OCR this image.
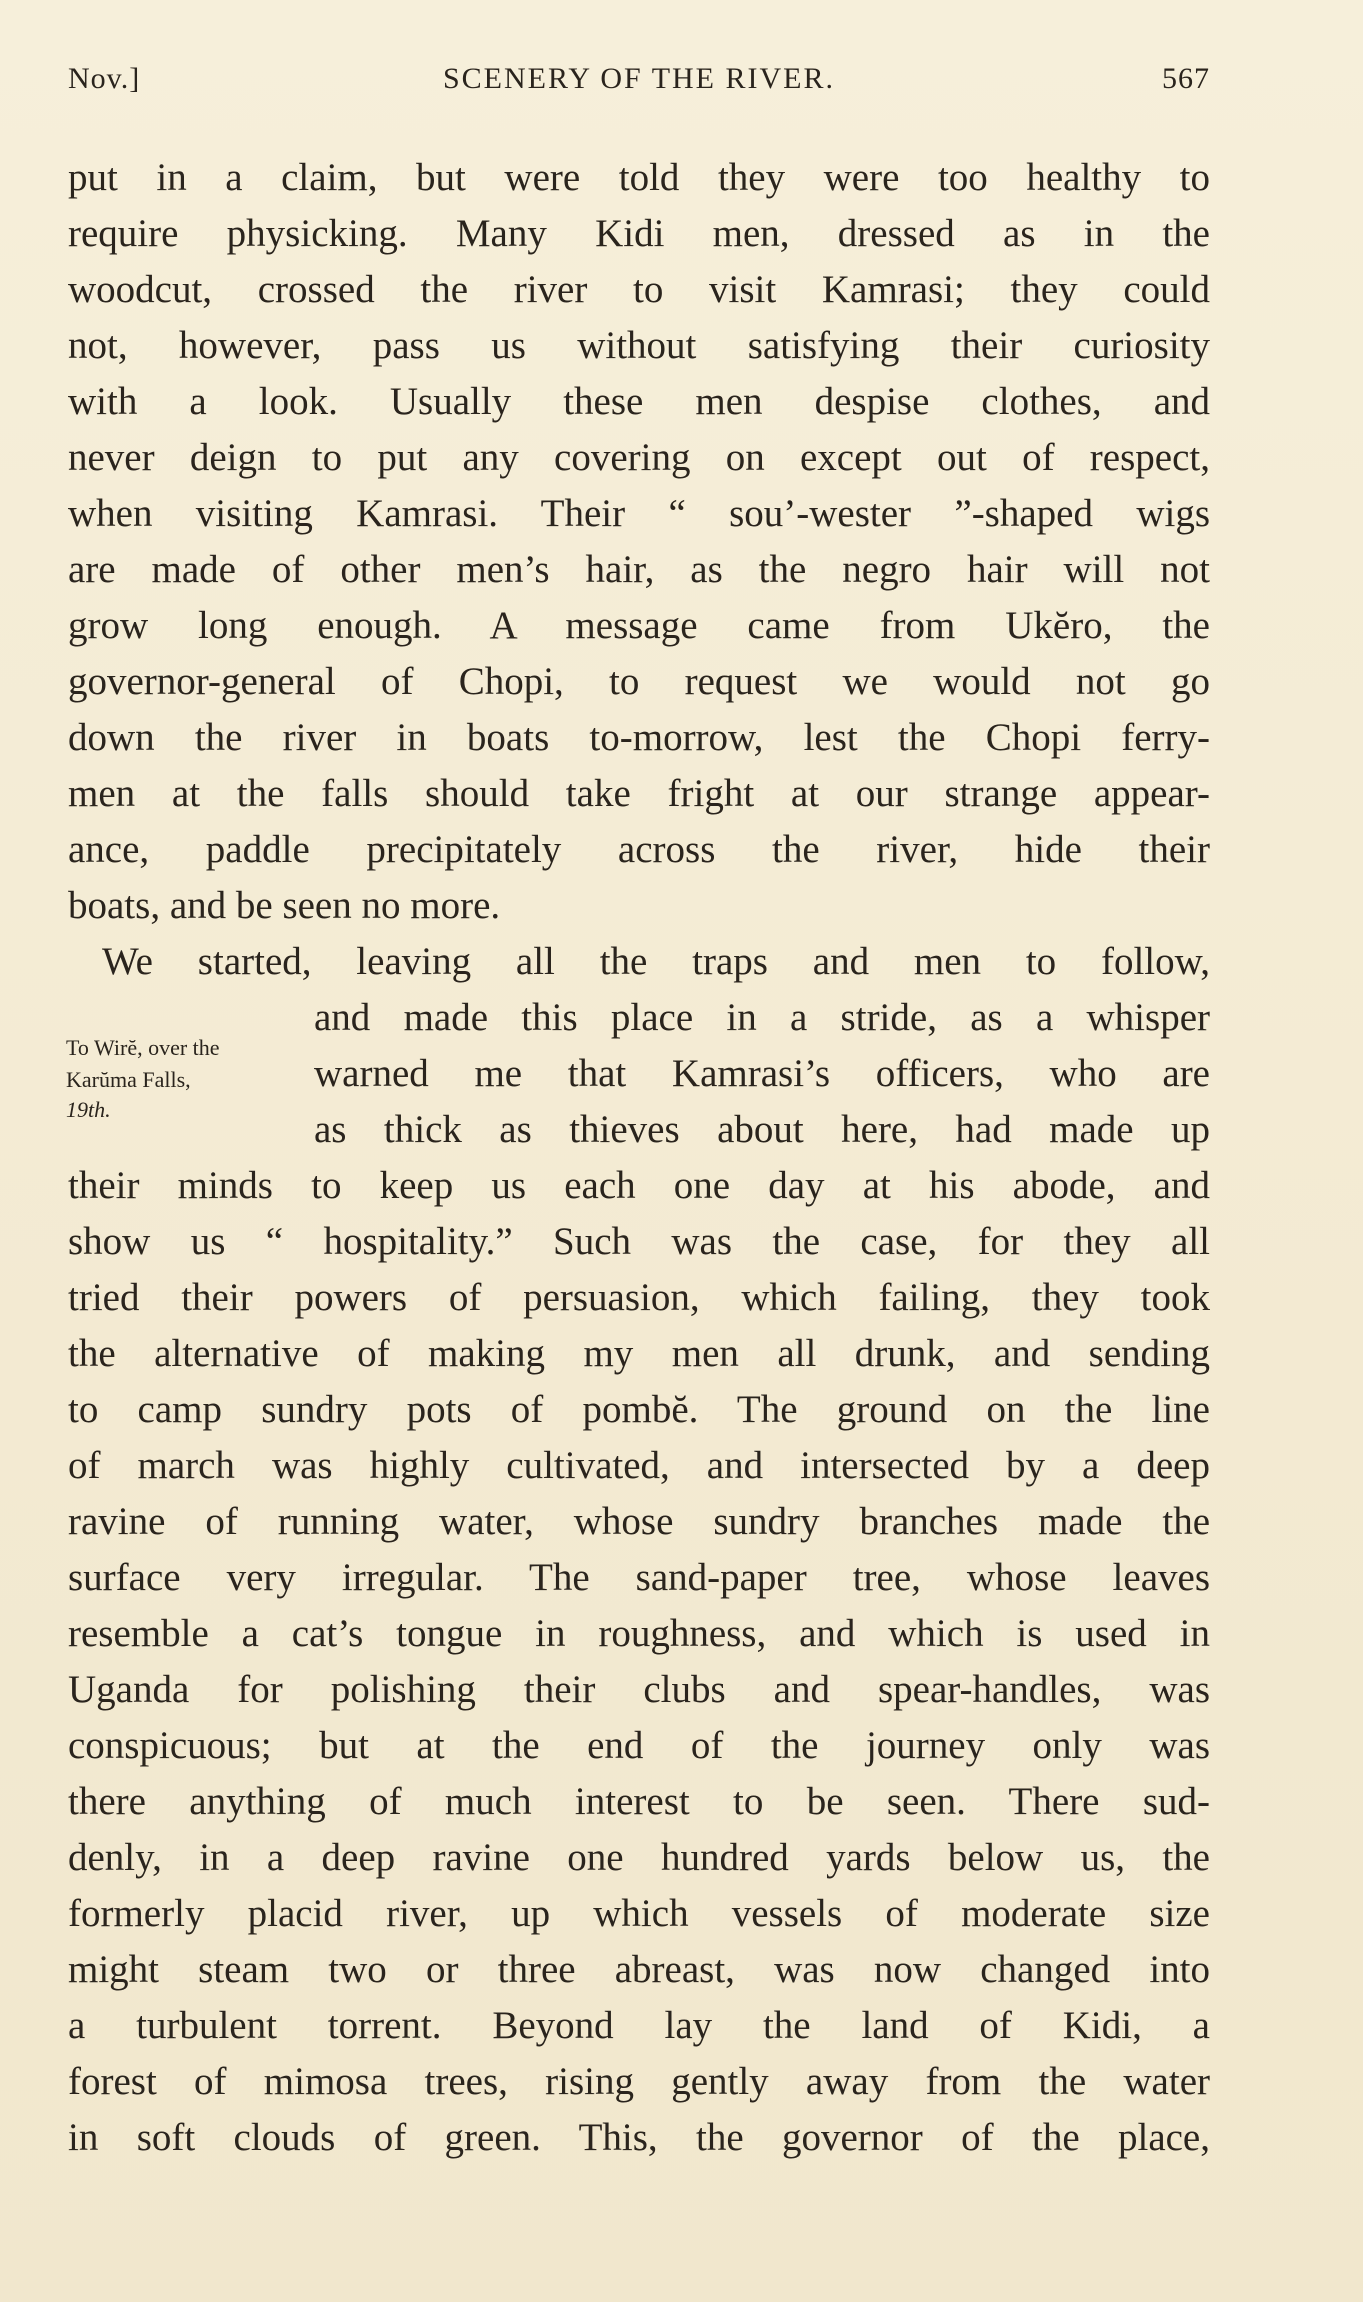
Nov.]	SCENERY OF THE RIVER.	567
put in a claim, but were told they were too healthy to
require physicking. Many Kidi men, dressed as in the
woodcut, crossed the river to visit Kamrasi; they could
not, however, pass us without satisfying their curiosity
with a look. Usually these men despise clothes, and
never deign to put any covering on except out of respect,
when visiting Kamrasi. Their “ sou’-wester ”-shaped wigs
are made of other men’s hair, as the negro hair will not
grow long enough. A message came from Ukĕro, the
governor-general of Chopi, to request we would not go
down the river in boats to-morrow, lest the Chopi ferry-
men at the falls should take fright at our strange appear-
ance, paddle precipitately across the river, hide their
boats, and be seen no more.
We started, leaving all the traps and men to follow,
and made this place in a stride, as a whisper
warned me that Kamrasi’s officers, who are
as thick as thieves about here, had made up
their minds to keep us each one day at his abode, and
show us “ hospitality.” Such was the case, for they all
tried their powers of persuasion, which failing, they took
the alternative of making my men all drunk, and sending
to camp sundry pots of pombĕ. The ground on the line
of march was highly cultivated, and intersected by a deep
ravine of running water, whose sundry branches made the
surface very irregular. The sand-paper tree, whose leaves
resemble a cat’s tongue in roughness, and which is used in
Uganda for polishing their clubs and spear-handles, was
conspicuous; but at the end of the journey only was
there anything of much interest to be seen. There sud-
denly, in a deep ravine one hundred yards below us, the
formerly placid river, up which vessels of moderate size
might steam two or three abreast, was now changed into
a turbulent torrent. Beyond lay the land of Kidi, a
forest of mimosa trees, rising gently away from the water
in soft clouds of green. This, the governor of the place,
To Wirĕ, over the
Karŭma Falls,
19th.
